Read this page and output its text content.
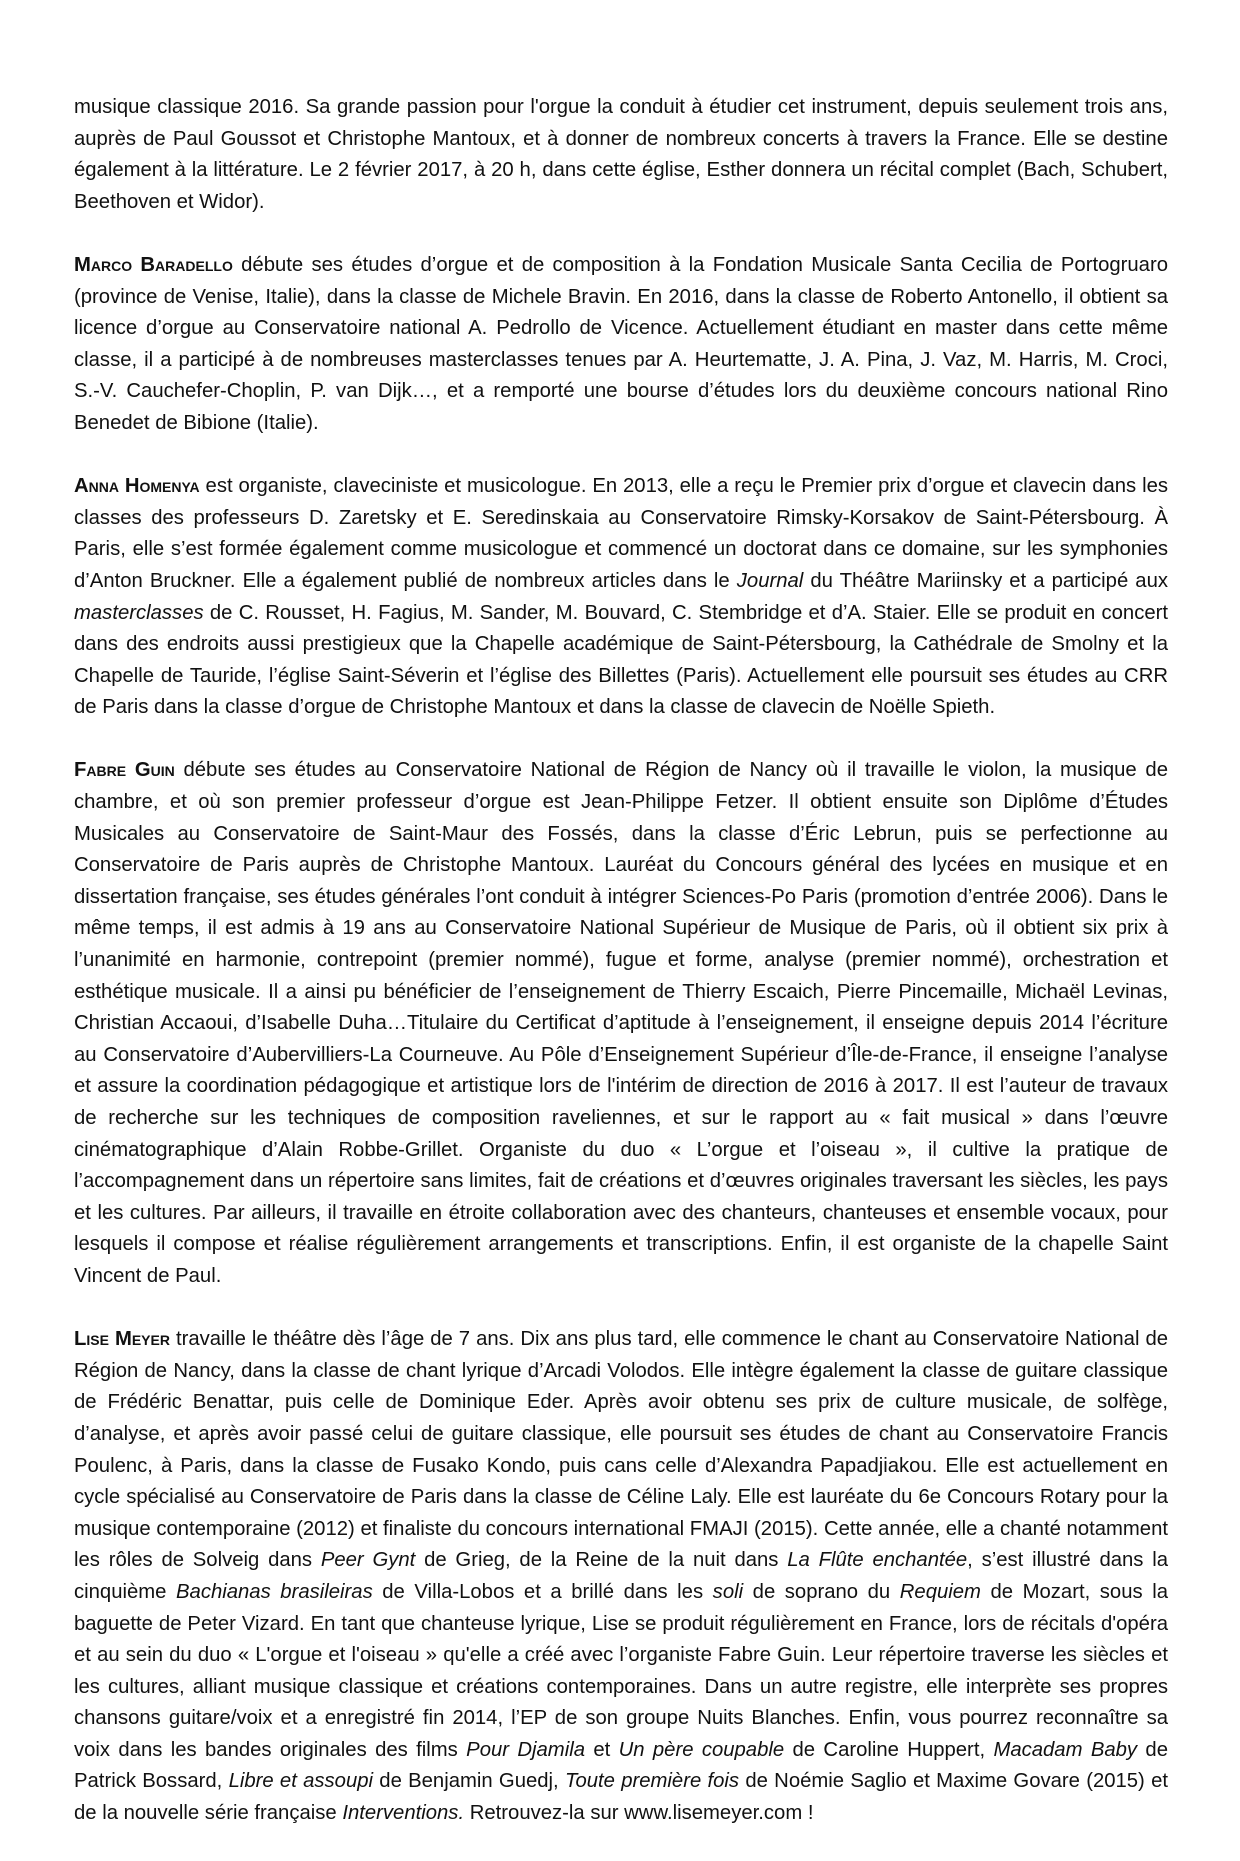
musique classique 2016. Sa grande passion pour l'orgue la conduit à étudier cet instrument, depuis seulement trois ans, auprès de Paul Goussot et Christophe Mantoux, et à donner de nombreux concerts à travers la France. Elle se destine également à la littérature. Le 2 février 2017, à 20 h, dans cette église, Esther donnera un récital complet (Bach, Schubert, Beethoven et Widor).

Marco Baradello débute ses études d’orgue et de composition à la Fondation Musicale Santa Cecilia de Portogruaro (province de Venise, Italie), dans la classe de Michele Bravin. En 2016, dans la classe de Roberto Antonello, il obtient sa licence d’orgue au Conservatoire national A. Pedrollo de Vicence. Actuellement étudiant en master dans cette même classe, il a participé à de nombreuses masterclasses tenues par A. Heurtematte, J. A. Pina, J. Vaz, M. Harris, M. Croci, S.-V. Cauchefer-Choplin, P. van Dijk…, et a remporté une bourse d’études lors du deuxième concours national Rino Benedet de Bibione (Italie).

Anna Homenya est organiste, claveciniste et musicologue. En 2013, elle a reçu le Premier prix d’orgue et clavecin dans les classes des professeurs D. Zaretsky et E. Seredinskaia au Conservatoire Rimsky-Korsakov de Saint-Pétersbourg. À Paris, elle s’est formée également comme musicologue et commencé un doctorat dans ce domaine, sur les symphonies d’Anton Bruckner. Elle a également publié de nombreux articles dans le Journal du Théâtre Mariinsky et a participé aux masterclasses de C. Rousset, H. Fagius, M. Sander, M. Bouvard, C. Stembridge et d’A. Staier. Elle se produit en concert dans des endroits aussi prestigieux que la Chapelle académique de Saint-Pétersbourg, la Cathédrale de Smolny et la Chapelle de Tauride, l’église Saint-Séverin et l’église des Billettes (Paris). Actuellement elle poursuit ses études au CRR de Paris dans la classe d’orgue de Christophe Mantoux et dans la classe de clavecin de Noëlle Spieth.

Fabre Guin débute ses études au Conservatoire National de Région de Nancy où il travaille le violon, la musique de chambre, et où son premier professeur d’orgue est Jean-Philippe Fetzer. Il obtient ensuite son Diplôme d’Études Musicales au Conservatoire de Saint-Maur des Fossés, dans la classe d’Éric Lebrun, puis se perfectionne au Conservatoire de Paris auprès de Christophe Mantoux. Lauréat du Concours général des lycées en musique et en dissertation française, ses études générales l’ont conduit à intégrer Sciences-Po Paris (promotion d’entrée 2006). Dans le même temps, il est admis à 19 ans au Conservatoire National Supérieur de Musique de Paris, où il obtient six prix à l’unanimité en harmonie, contrepoint (premier nommé), fugue et forme, analyse (premier nommé), orchestration et esthétique musicale. Il a ainsi pu bénéficier de l’enseignement de Thierry Escaich, Pierre Pincemaille, Michaël Levinas, Christian Accaoui, d’Isabelle Duha…Titulaire du Certificat d’aptitude à l’enseignement, il enseigne depuis 2014 l’écriture au Conservatoire d’Aubervilliers-La Courneuve. Au Pôle d’Enseignement Supérieur d’Île-de-France, il enseigne l’analyse et assure la coordination pédagogique et artistique lors de l'intérim de direction de 2016 à 2017. Il est l’auteur de travaux de recherche sur les techniques de composition raveliennes, et sur le rapport au « fait musical » dans l’œuvre cinématographique d’Alain Robbe-Grillet. Organiste du duo « L’orgue et l’oiseau », il cultive la pratique de l’accompagnement dans un répertoire sans limites, fait de créations et d’œuvres originales traversant les siècles, les pays et les cultures. Par ailleurs, il travaille en étroite collaboration avec des chanteurs, chanteuses et ensemble vocaux, pour lesquels il compose et réalise régulièrement arrangements et transcriptions. Enfin, il est organiste de la chapelle Saint Vincent de Paul.

Lise Meyer travaille le théâtre dès l’âge de 7 ans. Dix ans plus tard, elle commence le chant au Conservatoire National de Région de Nancy, dans la classe de chant lyrique d’Arcadi Volodos. Elle intègre également la classe de guitare classique de Frédéric Benattar, puis celle de Dominique Eder. Après avoir obtenu ses prix de culture musicale, de solfège, d’analyse, et après avoir passé celui de guitare classique, elle poursuit ses études de chant au Conservatoire Francis Poulenc, à Paris, dans la classe de Fusako Kondo, puis cans celle d’Alexandra Papadjiakou. Elle est actuellement en cycle spécialisé au Conservatoire de Paris dans la classe de Céline Laly. Elle est lauréate du 6e Concours Rotary pour la musique contemporaine (2012) et finaliste du concours international FMAJI (2015). Cette année, elle a chanté notamment les rôles de Solveig dans Peer Gynt de Grieg, de la Reine de la nuit dans La Flûte enchantée, s’est illustré dans la cinquième Bachianas brasileiras de Villa-Lobos et a brillé dans les soli de soprano du Requiem de Mozart, sous la baguette de Peter Vizard. En tant que chanteuse lyrique, Lise se produit régulièrement en France, lors de récitals d'opéra et au sein du duo « L'orgue et l'oiseau » qu'elle a créé avec l’organiste Fabre Guin. Leur répertoire traverse les siècles et les cultures, alliant musique classique et créations contemporaines. Dans un autre registre, elle interprète ses propres chansons guitare/voix et a enregistré fin 2014, l’EP de son groupe Nuits Blanches. Enfin, vous pourrez reconnaître sa voix dans les bandes originales des films Pour Djamila et Un père coupable de Caroline Huppert, Macadam Baby de Patrick Bossard, Libre et assoupi de Benjamin Guedj, Toute première fois de Noémie Saglio et Maxime Govare (2015) et de la nouvelle série française Interventions. Retrouvez-la sur www.lisemeyer.com !
